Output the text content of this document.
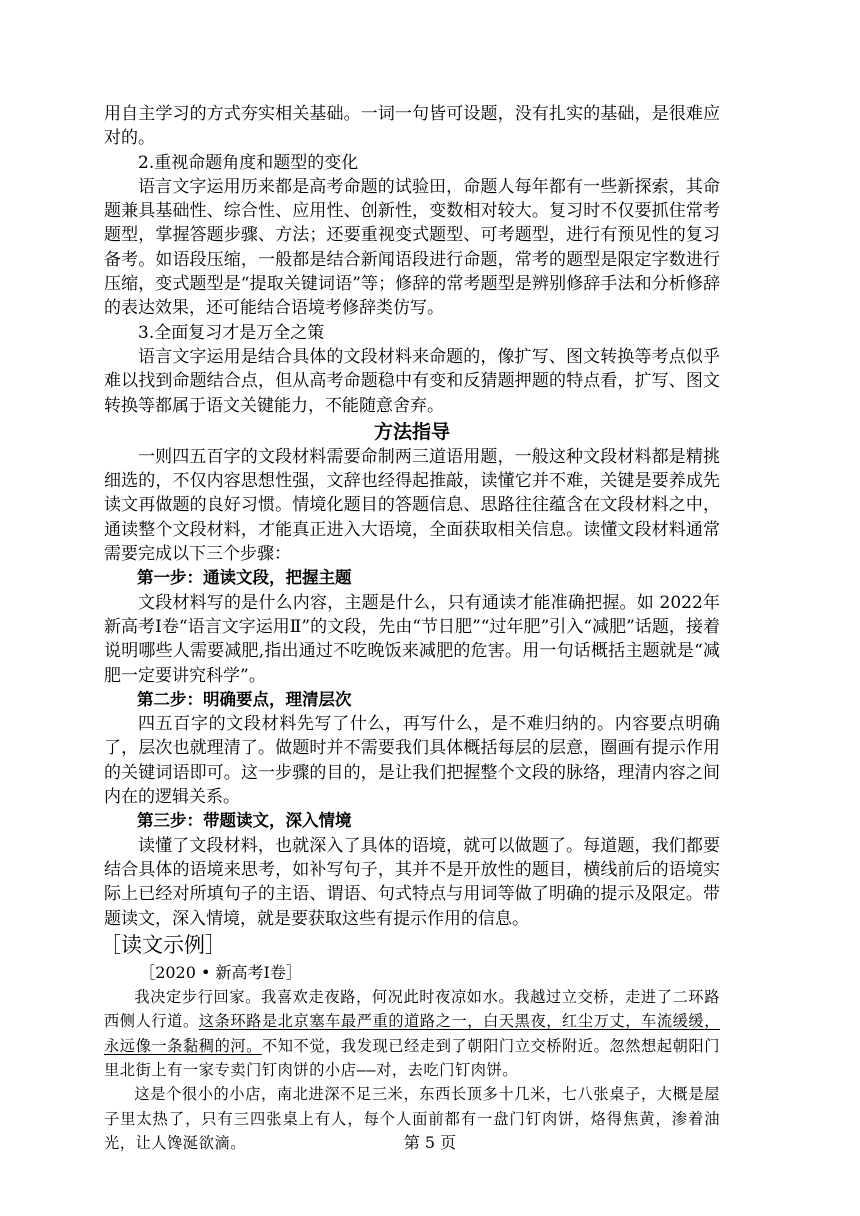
用自主学习的方式夯实相关基础。一词一句皆可设题，没有扎实的基础，是很难应对的。

2.重视命题角度和题型的变化

语言文字运用历来都是高考命题的试验田，命题人每年都有一些新探索，其命题兼具基础性、综合性、应用性、创新性，变数相对较大。复习时不仅要抓住常考题型，掌握答题步骤、方法；还要重视变式题型、可考题型，进行有预见性的复习备考。如语段压缩，一般都是结合新闻语段进行命题，常考的题型是限定字数进行压缩，变式题型是“提取关键词语”等；修辞的常考题型是辨别修辞手法和分析修辞的表达效果，还可能结合语境考修辞类仿写。

3.全面复习才是万全之策

语言文字运用是结合具体的文段材料来命题的，像扩写、图文转换等考点似乎难以找到命题结合点，但从高考命题稳中有变和反猜题押题的特点看，扩写、图文转换等都属于语文关键能力，不能随意舍弃。

方法指导

一则四五百字的文段材料需要命制两三道语用题，一般这种文段材料都是精挑细选的，不仅内容思想性强，文辞也经得起推敲，读懂它并不难，关键是要养成先读文再做题的良好习惯。情境化题目的答题信息、思路往往蕴含在文段材料之中，通读整个文段材料，才能真正进入大语境，全面获取相关信息。读懂文段材料通常需要完成以下三个步骤：

第一步：通读文段，把握主题

文段材料写的是什么内容，主题是什么，只有通读才能准确把握。如 2022年新高考Ⅰ卷“语言文字运用Ⅱ”的文段，先由“节日肥”“过年肥”引入“减肥”话题，接着说明哪些人需要减肥,指出通过不吃晚饭来减肥的危害。用一句话概括主题就是“减肥一定要讲究科学”。

第二步：明确要点，理清层次

四五百字的文段材料先写了什么，再写什么，是不难归纳的。内容要点明确了，层次也就理清了。做题时并不需要我们具体概括每层的层意，圈画有提示作用的关键词语即可。这一步骤的目的，是让我们把握整个文段的脉络，理清内容之间内在的逻辑关系。

第三步：带题读文，深入情境

读懂了文段材料，也就深入了具体的语境，就可以做题了。每道题，我们都要结合具体的语境来思考，如补写句子，其并不是开放性的题目，横线前后的语境实际上已经对所填句子的主语、谓语、句式特点与用词等做了明确的提示及限定。带题读文，深入情境，就是要获取这些有提示作用的信息。

［读文示例］

［2020 • 新高考Ⅰ卷］

我决定步行回家。我喜欢走夜路，何况此时夜凉如水。我越过立交桥，走进了二环路西侧人行道。这条环路是北京塞车最严重的道路之一，白天黑夜，红尘万丈，车流缓缓，永远像一条黏稠的河。不知不觉，我发现已经走到了朝阳门立交桥附近。忽然想起朝阳门里北街上有一家专卖门钉肉饼的小店——对，去吃门钉肉饼。

这是个很小的小店，南北进深不足三米，东西长顶多十几米，七八张桌子，大概是屋子里太热了，只有三四张桌上有人，每个人面前都有一盘门钉肉饼，烙得焦黄，渗着油光，让人馋涎欲滴。	第 5 页
